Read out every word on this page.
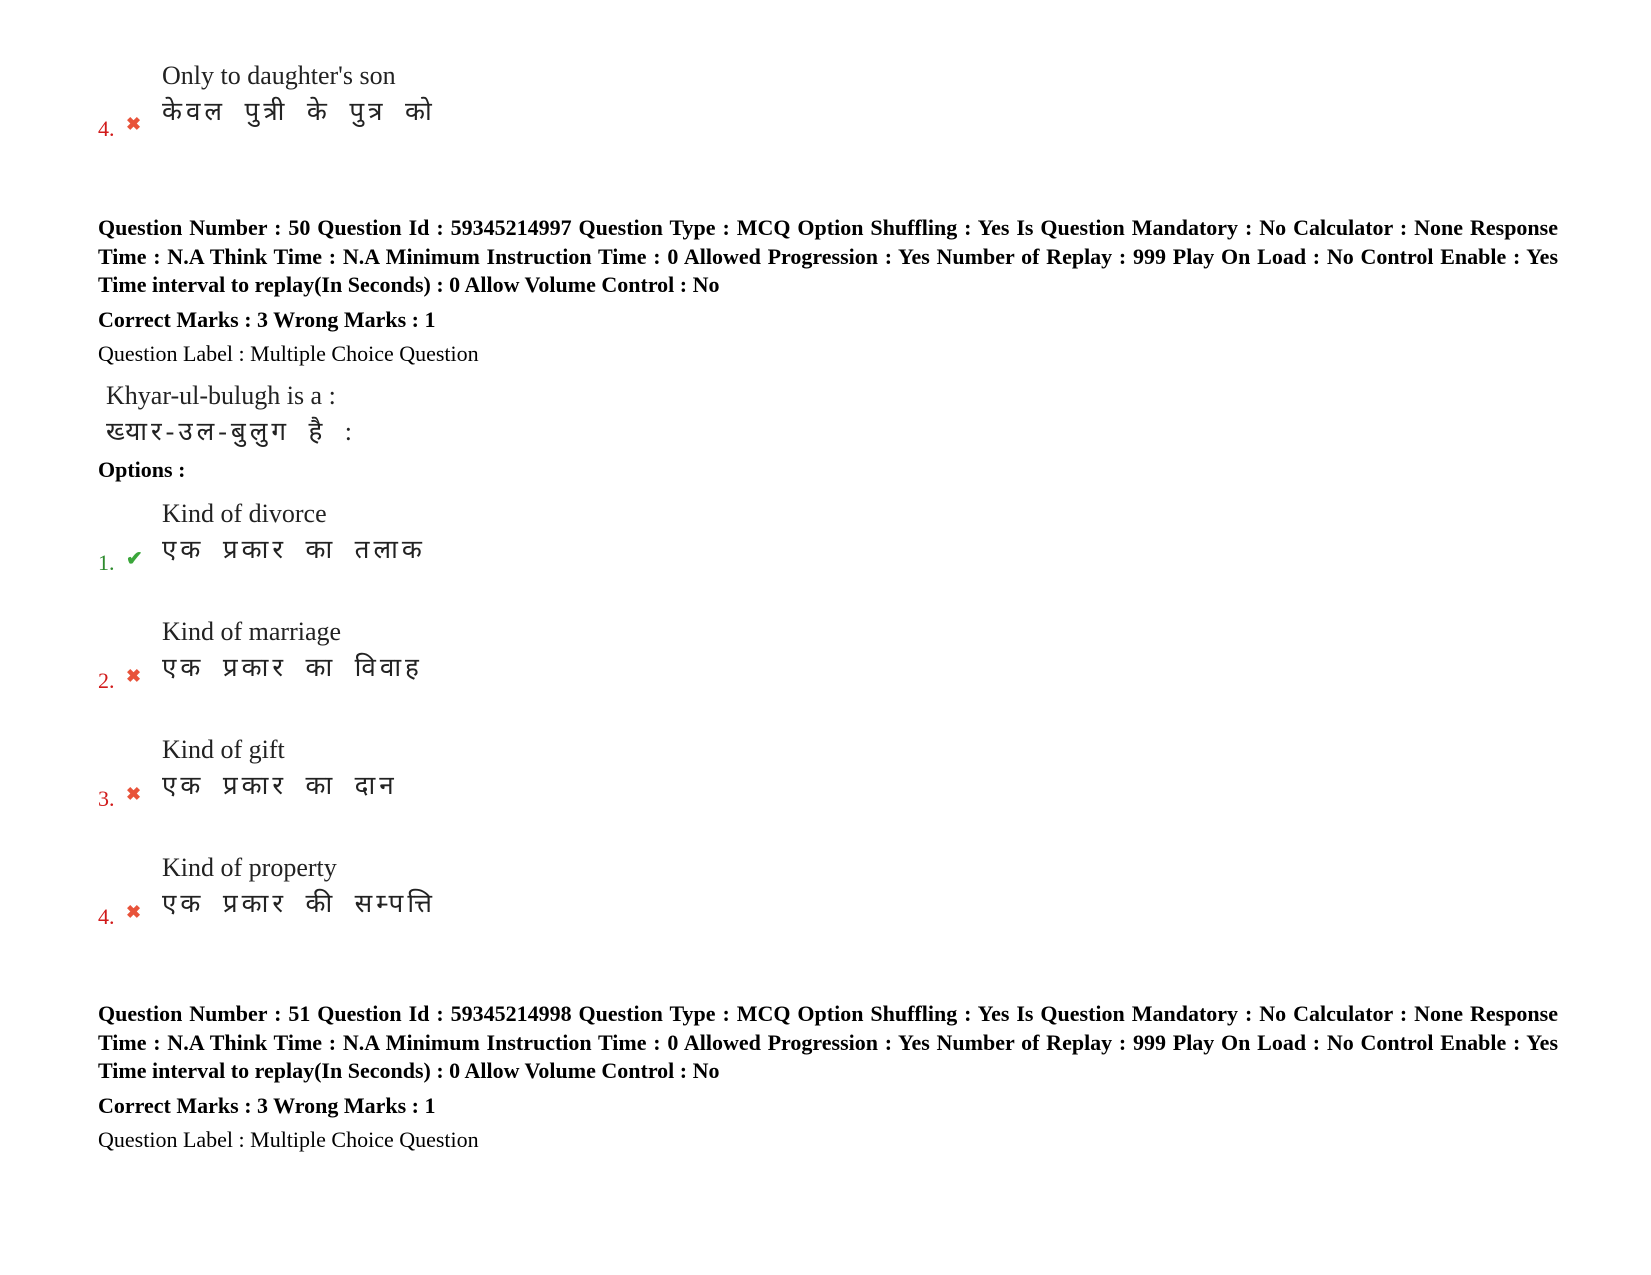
4. ✖
Only to daughter's son
केवल पुत्री के पुत्र को

Question Number : 50 Question Id : 59345214997 Question Type : MCQ Option Shuffling : Yes Is Question Mandatory : No Calculator : None Response Time : N.A Think Time : N.A Minimum Instruction Time : 0 Allowed Progression : Yes Number of Replay : 999 Play On Load : No Control Enable : Yes Time interval to replay(In Seconds) : 0 Allow Volume Control : No

Correct Marks : 3 Wrong Marks : 1

Question Label : Multiple Choice Question

Khyar-ul-bulugh is a :
ख्यार-उल-बुलुग है :

Options :

1. ✔
Kind of divorce
एक प्रकार का तलाक
2. ✖
Kind of marriage
एक प्रकार का विवाह
3. ✖
Kind of gift
एक प्रकार का दान
4. ✖
Kind of property
एक प्रकार की सम्पत्ति

Question Number : 51 Question Id : 59345214998 Question Type : MCQ Option Shuffling : Yes Is Question Mandatory : No Calculator : None Response Time : N.A Think Time : N.A Minimum Instruction Time : 0 Allowed Progression : Yes Number of Replay : 999 Play On Load : No Control Enable : Yes Time interval to replay(In Seconds) : 0 Allow Volume Control : No

Correct Marks : 3 Wrong Marks : 1

Question Label : Multiple Choice Question
